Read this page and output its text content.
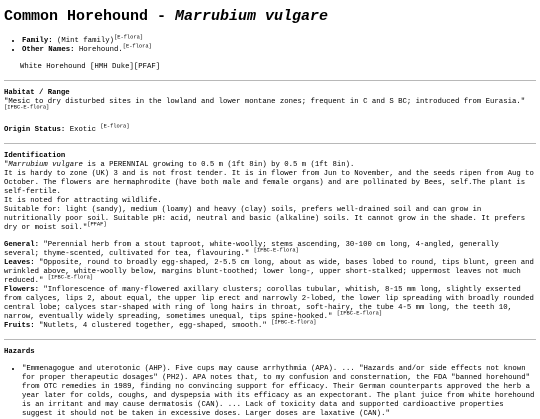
Common Horehound - Marrubium vulgare
• Family: (Mint family)[E-flora]
• Other Names: Horehound.[E-flora]

White Horehound [HMH Duke][PFAF]

Habitat / Range

"Mesic to dry disturbed sites in the lowland and lower montane zones; frequent in C and S BC; introduced from Eurasia." [IFBC-E-flora]

Origin Status: Exotic [E-flora]

Identification

"Marrubium vulgare is a PERENNIAL growing to 0.5 m (1ft 8in) by 0.5 m (1ft 8in).

It is hardy to zone (UK) 3 and is not frost tender. It is in flower from Jun to November, and the seeds ripen from Aug to October. The flowers are hermaphrodite (have both male and female organs) and are pollinated by Bees, self.The plant is self-fertile.

It is noted for attracting wildlife.

Suitable for: light (sandy), medium (loamy) and heavy (clay) soils, prefers well-drained soil and can grow in nutritionally poor soil. Suitable pH: acid, neutral and basic (alkaline) soils. It cannot grow in the shade. It prefers dry or moist soil."[PFAF]

General: "Perennial herb from a stout taproot, white-woolly; stems ascending, 30-100 cm long, 4-angled, generally several; thyme-scented, cultivated for tea, flavouring." [IFBC-E-flora]

Leaves: "Opposite, round to broadly egg-shaped, 2-5.5 cm long, about as wide, bases lobed to round, tips blunt, green and wrinkled above, white-woolly below, margins blunt-toothed; lower long-, upper short-stalked; uppermost leaves not much reduced." [IFBC-E-flora]

Flowers: "Inflorescence of many-flowered axillary clusters; corollas tubular, whitish, 8-15 mm long, slightly exserted from calyces, lips 2, about equal, the upper lip erect and narrowly 2-lobed, the lower lip spreading with broadly rounded central lobe; calyces star-shaped with ring of long hairs in throat, soft-hairy, the tube 4-5 mm long, the teeth 10, narrow, eventually widely spreading, sometimes unequal, tips spine-hooked." [IFBC-E-flora]

Fruits: "Nutlets, 4 clustered together, egg-shaped, smooth." [IFBC-E-flora]

Hazards

• "Emmenagogue and uterotonic (AHP). Five cups may cause arrhythmia (APA). ... "Hazards and/or side effects not known for proper therapeutic dosages" (PH2). APA notes that, to my confusion and consternation, the FDA "banned horehound" from OTC remedies in 1989, finding no convincing support for efficacy. Their German counterparts approved the herb a year later for colds, coughs, and dyspepsia with its efficacy as an expectorant. The plant juice from white horehound is an irritant and may cause dermatosis (CAN). ... Lack of toxicity data and supported cardioactive properties suggest it should not be taken in excessive doses. Larger doses are laxative (CAN)."
